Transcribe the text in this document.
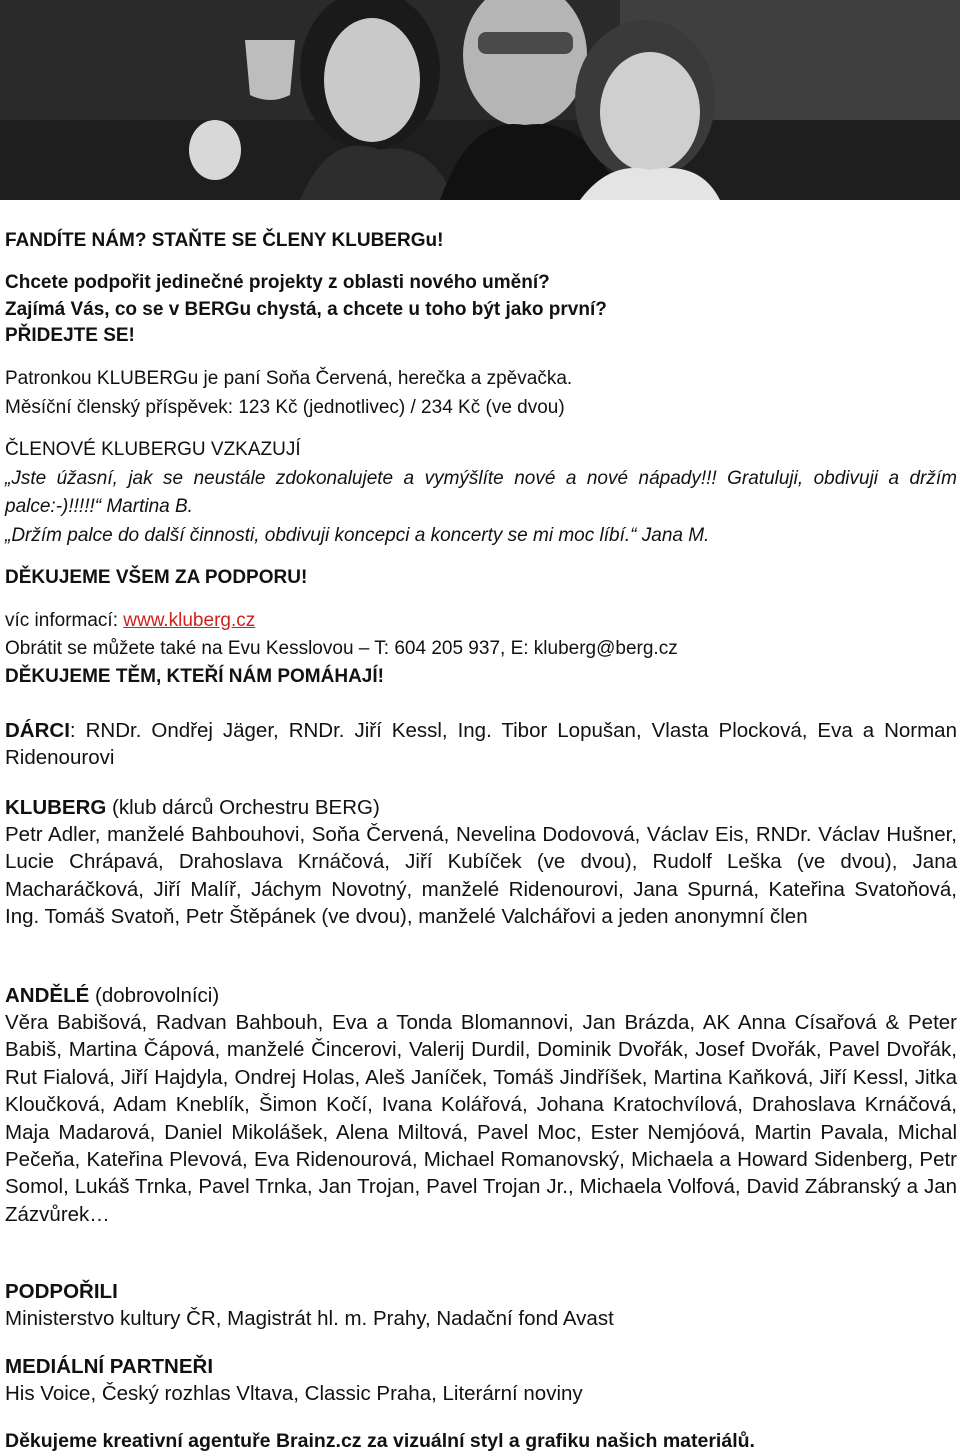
FANDÍTE NÁM? STAŇTE SE ČLENY KLUBERGu!
Chcete podpořit jedinečné projekty z oblasti nového umění?
Zajímá Vás, co se v BERGu chystá, a chcete u toho být jako první?
PŘIDEJTE SE!
Patronkou KLUBERGu je paní Soňa Červená, herečka a zpěvačka.
Měsíční členský příspěvek: 123 Kč (jednotlivec) / 234 Kč (ve dvou)
ČLENOVÉ KLUBERGU VZKAZUJÍ
„Jste úžasní, jak se neustále zdokonalujete a vymýšlíte nové a nové nápady!!! Gratuluji, obdivuji a držím palce:-)!!!!!“ Martina B.
„Držím palce do další činnosti, obdivuji koncepci a koncerty se mi moc líbí.“ Jana M.
DĚKUJEME VŠEM ZA PODPORU!
víc informací: www.kluberg.cz
Obrátit se můžete také na Evu Kesslovou – T: 604 205 937, E: kluberg@berg.cz
DĚKUJEME TĚM, KTEŘÍ NÁM POMÁHAJÍ!
DÁRCI: RNDr. Ondřej Jäger, RNDr. Jiří Kessl, Ing. Tibor Lopušan, Vlasta Plocková, Eva a Norman Ridenourovi
KLUBERG (klub dárců Orchestru BERG)
Petr Adler, manželé Bahbouhovi, Soňa Červená, Nevelina Dodovová, Václav Eis, RNDr. Václav Hušner, Lucie Chrápavá, Drahoslava Krnáčová, Jiří Kubíček (ve dvou), Rudolf Leška (ve dvou), Jana Macharáčková, Jiří Malíř, Jáchym Novotný, manželé Ridenourovi, Jana Spurná, Kateřina Svatoňová, Ing. Tomáš Svatoň, Petr Štěpánek (ve dvou), manželé Valchářovi a jeden anonymní člen
ANDĚLÉ (dobrovolníci)
Věra Babišová, Radvan Bahbouh, Eva a Tonda Blomannovi, Jan Brázda, AK Anna Císařová & Peter Babiš, Martina Čápová, manželé Čincerovi, Valerij Durdil, Dominik Dvořák, Josef Dvořák, Pavel Dvořák, Rut Fialová, Jiří Hajdyla, Ondrej Holas, Aleš Janíček, Tomáš Jindříšek, Martina Kaňková, Jiří Kessl, Jitka Kloučková, Adam Kneblík, Šimon Kočí, Ivana Kolářová, Johana Kratochvílová, Drahoslava Krnáčová, Maja Madarová, Daniel Mikolášek, Alena Miltová, Pavel Moc, Ester Nemjóová, Martin Pavala, Michal Pečeňa, Kateřina Plevová, Eva Ridenourová, Michael Romanovský, Michaela a Howard Sidenberg, Petr Somol, Lukáš Trnka, Pavel Trnka, Jan Trojan, Pavel Trojan Jr., Michaela Volfová, David Zábranský a Jan Zázvůrek…
PODPOŘILI
Ministerstvo kultury ČR, Magistrát hl. m. Prahy, Nadační fond Avast
MEDIÁLNÍ PARTNEŘI
His Voice, Český rozhlas Vltava, Classic Praha, Literární noviny
Děkujeme kreativní agentuře Brainz.cz za vizuální styl a grafiku našich materiálů.
